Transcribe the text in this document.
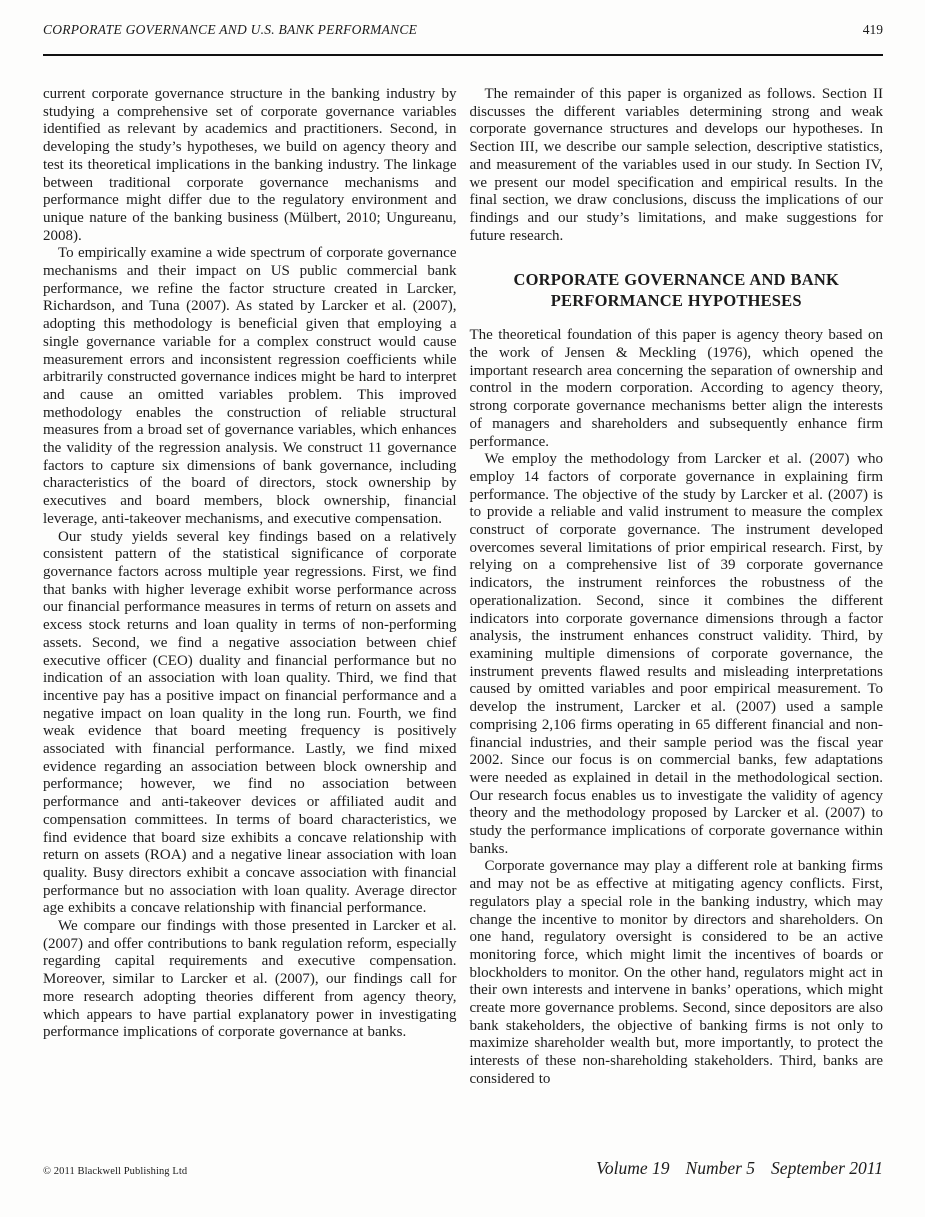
CORPORATE GOVERNANCE AND U.S. BANK PERFORMANCE	419

current corporate governance structure in the banking industry by studying a comprehensive set of corporate governance variables identified as relevant by academics and practitioners. Second, in developing the study’s hypotheses, we build on agency theory and test its theoretical implications in the banking industry. The linkage between traditional corporate governance mechanisms and performance might differ due to the regulatory environment and unique nature of the banking business (Mülbert, 2010; Ungureanu, 2008).

To empirically examine a wide spectrum of corporate governance mechanisms and their impact on US public commercial bank performance, we refine the factor structure created in Larcker, Richardson, and Tuna (2007). As stated by Larcker et al. (2007), adopting this methodology is beneficial given that employing a single governance variable for a complex construct would cause measurement errors and inconsistent regression coefficients while arbitrarily constructed governance indices might be hard to interpret and cause an omitted variables problem. This improved methodology enables the construction of reliable structural measures from a broad set of governance variables, which enhances the validity of the regression analysis. We construct 11 governance factors to capture six dimensions of bank governance, including characteristics of the board of directors, stock ownership by executives and board members, block ownership, financial leverage, anti-takeover mechanisms, and executive compensation.

Our study yields several key findings based on a relatively consistent pattern of the statistical significance of corporate governance factors across multiple year regressions. First, we find that banks with higher leverage exhibit worse performance across our financial performance measures in terms of return on assets and excess stock returns and loan quality in terms of non-performing assets. Second, we find a negative association between chief executive officer (CEO) duality and financial performance but no indication of an association with loan quality. Third, we find that incentive pay has a positive impact on financial performance and a negative impact on loan quality in the long run. Fourth, we find weak evidence that board meeting frequency is positively associated with financial performance. Lastly, we find mixed evidence regarding an association between block ownership and performance; however, we find no association between performance and anti-takeover devices or affiliated audit and compensation committees. In terms of board characteristics, we find evidence that board size exhibits a concave relationship with return on assets (ROA) and a negative linear association with loan quality. Busy directors exhibit a concave association with financial performance but no association with loan quality. Average director age exhibits a concave relationship with financial performance.

We compare our findings with those presented in Larcker et al. (2007) and offer contributions to bank regulation reform, especially regarding capital requirements and executive compensation. Moreover, similar to Larcker et al. (2007), our findings call for more research adopting theories different from agency theory, which appears to have partial explanatory power in investigating performance implications of corporate governance at banks.

The remainder of this paper is organized as follows. Section II discusses the different variables determining strong and weak corporate governance structures and develops our hypotheses. In Section III, we describe our sample selection, descriptive statistics, and measurement of the variables used in our study. In Section IV, we present our model specification and empirical results. In the final section, we draw conclusions, discuss the implications of our findings and our study’s limitations, and make suggestions for future research.

CORPORATE GOVERNANCE AND BANK PERFORMANCE HYPOTHESES

The theoretical foundation of this paper is agency theory based on the work of Jensen & Meckling (1976), which opened the important research area concerning the separation of ownership and control in the modern corporation. According to agency theory, strong corporate governance mechanisms better align the interests of managers and shareholders and subsequently enhance firm performance.

We employ the methodology from Larcker et al. (2007) who employ 14 factors of corporate governance in explaining firm performance. The objective of the study by Larcker et al. (2007) is to provide a reliable and valid instrument to measure the complex construct of corporate governance. The instrument developed overcomes several limitations of prior empirical research. First, by relying on a comprehensive list of 39 corporate governance indicators, the instrument reinforces the robustness of the operationalization. Second, since it combines the different indicators into corporate governance dimensions through a factor analysis, the instrument enhances construct validity. Third, by examining multiple dimensions of corporate governance, the instrument prevents flawed results and misleading interpretations caused by omitted variables and poor empirical measurement. To develop the instrument, Larcker et al. (2007) used a sample comprising 2,106 firms operating in 65 different financial and non-financial industries, and their sample period was the fiscal year 2002. Since our focus is on commercial banks, few adaptations were needed as explained in detail in the methodological section. Our research focus enables us to investigate the validity of agency theory and the methodology proposed by Larcker et al. (2007) to study the performance implications of corporate governance within banks.

Corporate governance may play a different role at banking firms and may not be as effective at mitigating agency conflicts. First, regulators play a special role in the banking industry, which may change the incentive to monitor by directors and shareholders. On one hand, regulatory oversight is considered to be an active monitoring force, which might limit the incentives of boards or blockholders to monitor. On the other hand, regulators might act in their own interests and intervene in banks’ operations, which might create more governance problems. Second, since depositors are also bank stakeholders, the objective of banking firms is not only to maximize shareholder wealth but, more importantly, to protect the interests of these non-shareholding stakeholders. Third, banks are considered to

© 2011 Blackwell Publishing Ltd	Volume 19 Number 5 September 2011
